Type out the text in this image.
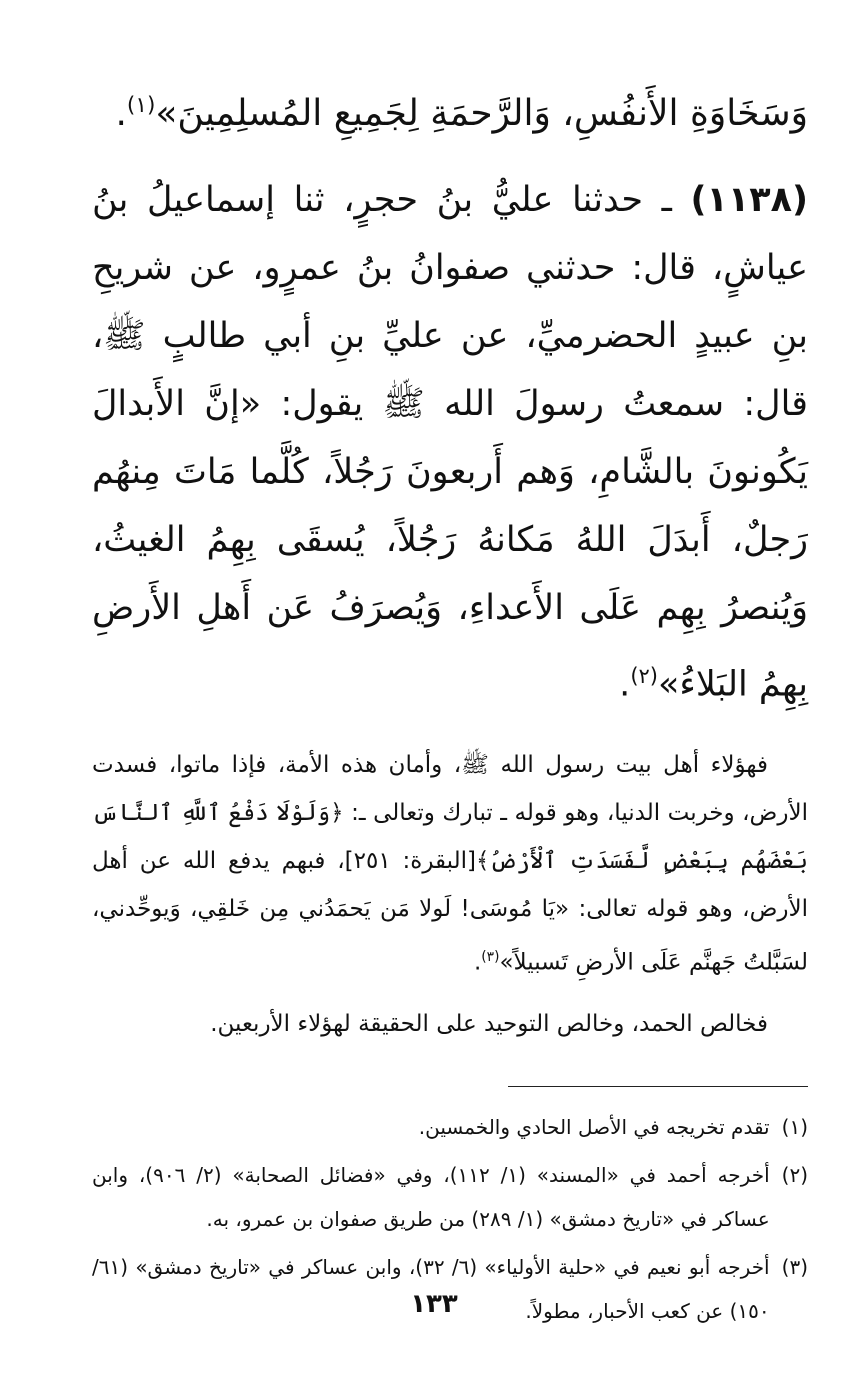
وَسَخَاوَةِ الأَنفُسِ، وَالرَّحمَةِ لِجَمِيعِ المُسلِمِينَ»$^{(١)}$.

(١١٣٨) ـ حدثنا عليُّ بنُ حجرٍ، ثنا إسماعيلُ بنُ عياشٍ، قال: حدثني صفوانُ بنُ عمرٍو، عن شريحِ بنِ عبيدٍ الحضرميِّ، عن عليِّ بنِ أبي طالبٍ ﷺ، قال: سمعتُ رسولَ الله ﷺ يقول: «إنَّ الأَبدالَ يَكُونونَ بالشَّامِ، وَهم أَربعونَ رَجُلاً، كُلَّما مَاتَ مِنهُم رَجلٌ، أَبدَلَ اللهُ مَكانهُ رَجُلاً، يُسقَى بِهِمُ الغيثُ، وَيُنصرُ بِهِم عَلَى الأَعداءِ، وَيُصرَفُ عَن أَهلِ الأَرضِ بِهِمُ البَلاءُ»$^{(٢)}$.

فهؤلاء أهل بيت رسول الله ﷺ، وأمان هذه الأمة، فإذا ماتوا، فسدت الأرض، وخربت الدنيا، وهو قوله ـ تبارك وتعالى ـ: ﴿وَلَوْلَا دَفْعُ ٱللَّهِ ٱلنَّاسَ بَعْضَهُم بِبَعْضٍ لَّفَسَدَتِ ٱلْأَرْضُ﴾[البقرة: ٢٥١]، فبهم يدفع الله عن أهل الأرض، وهو قوله تعالى: «يَا مُوسَى! لَولا مَن يَحمَدُني مِن خَلقِي، وَيوحِّدني، لسَبَّلتُ جَهنَّم عَلَى الأرضِ تَسبيلاً»$^{(٣)}$.

فخالص الحمد، وخالص التوحيد على الحقيقة لهؤلاء الأربعين.

(١)
تقدم تخريجه في الأصل الحادي والخمسين.
(٢)
أخرجه أحمد في «المسند» (١/ ١١٢)، وفي «فضائل الصحابة» (٢/ ٩٠٦)، وابن عساكر في «تاريخ دمشق» (١/ ٢٨٩) من طريق صفوان بن عمرو، به.
(٣)
أخرجه أبو نعيم في «حلية الأولياء» (٦/ ٣٢)، وابن عساكر في «تاريخ دمشق» (٦١/ ١٥٠) عن كعب الأحبار، مطولاً.
١٣٣
